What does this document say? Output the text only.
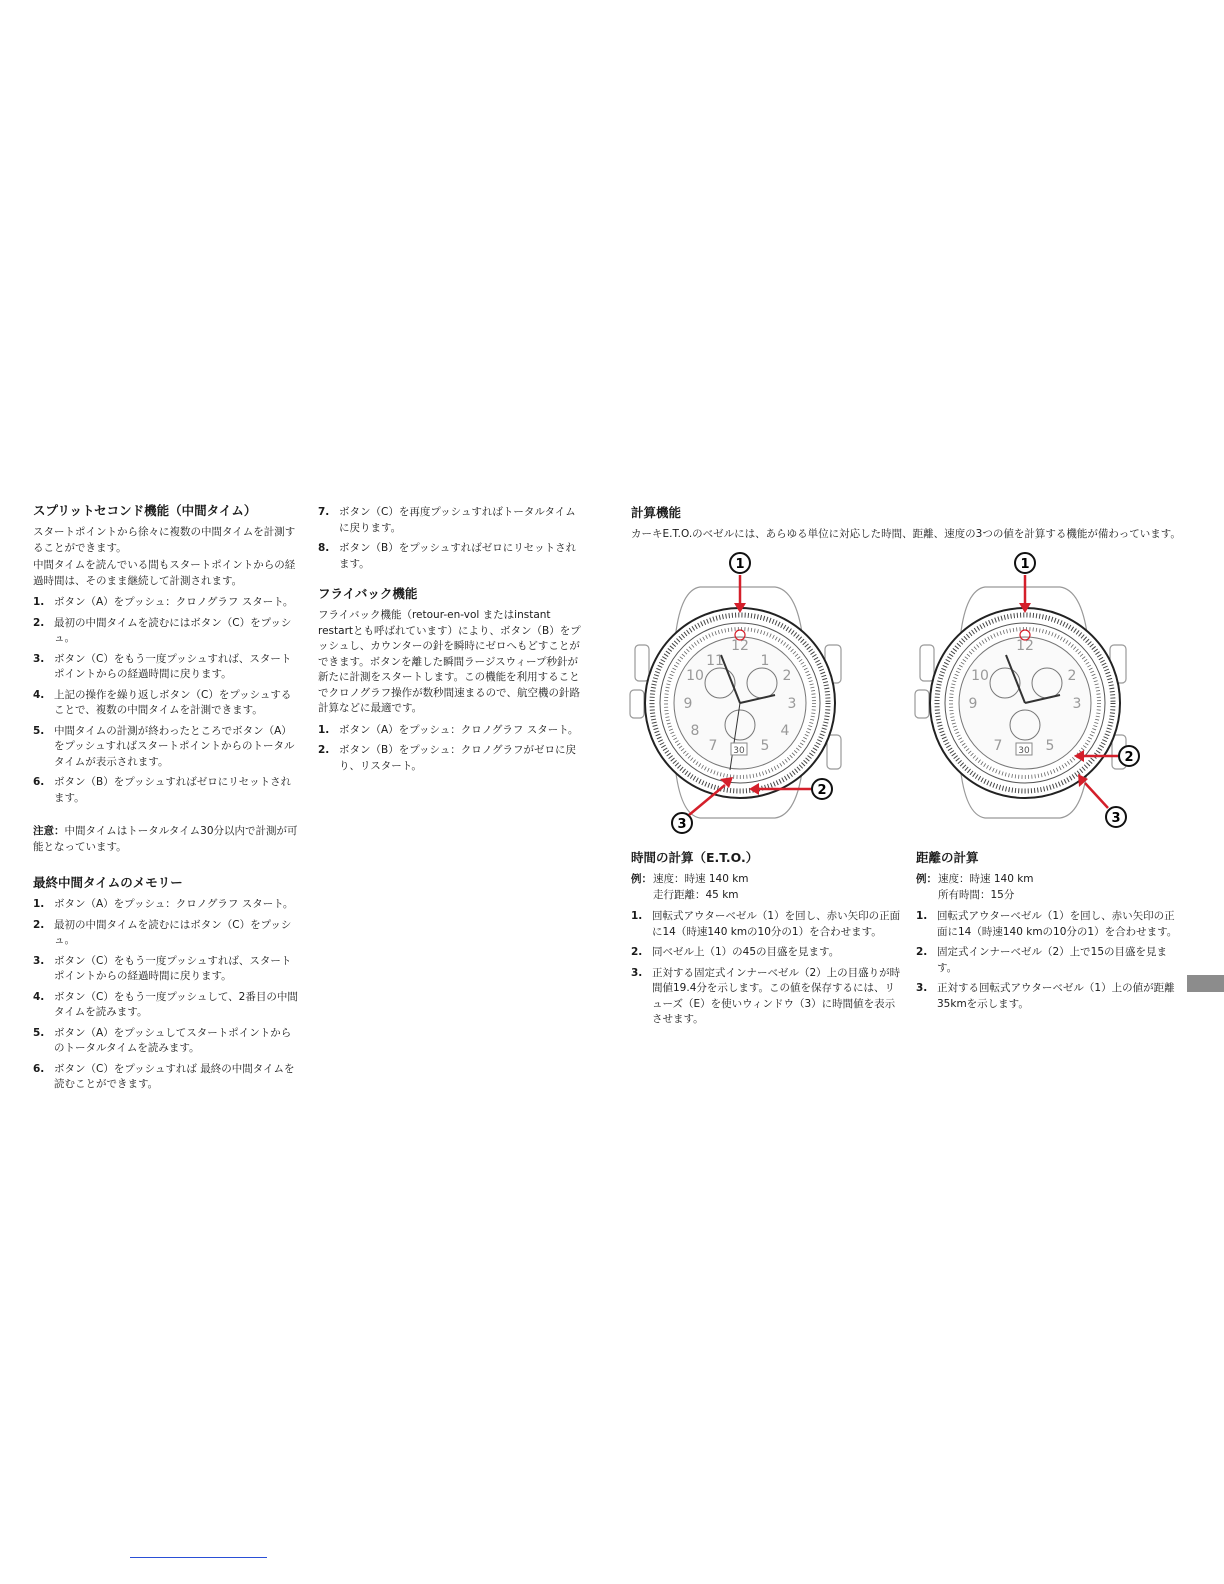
スプリットセコンド機能（中間タイム）

スタートポイントから徐々に複数の中間タイムを計測することができます。

中間タイムを読んでいる間もスタートポイントからの経過時間は、そのまま継続して計測されます。

1. ボタン（A）をプッシュ：クロノグラフ スタート。
2. 最初の中間タイムを読むにはボタン（C）をプッシュ。
3. ボタン（C）をもう一度プッシュすれば、スタートポイントからの経過時間に戻ります。
4. 上記の操作を繰り返しボタン（C）をプッシュすることで、複数の中間タイムを計測できます。
5. 中間タイムの計測が終わったところでボタン（A）をプッシュすればスタートポイントからのトータルタイムが表示されます。
6. ボタン（B）をプッシュすればゼロにリセットされます。

注意：中間タイムはトータルタイム30分以内で計測が可能となっています。

最終中間タイムのメモリー
1. ボタン（A）をプッシュ：クロノグラフ スタート。
2. 最初の中間タイムを読むにはボタン（C）をプッシュ。
3. ボタン（C）をもう一度プッシュすれば、スタートポイントからの経過時間に戻ります。
4. ボタン（C）をもう一度プッシュして、2番目の中間タイムを読みます。
5. ボタン（A）をプッシュしてスタートポイントからのトータルタイムを読みます。
6. ボタン（C）をプッシュすれば 最終の中間タイムを読むことができます。
7. ボタン（C）を再度プッシュすればトータルタイムに戻ります。
8. ボタン（B）をプッシュすればゼロにリセットされます。
フライバック機能

フライバック機能（retour-en-vol またはinstant restartとも呼ばれています）により、ボタン（B）をプッシュし、カウンターの針を瞬時にゼロへもどすことができます。ボタンを離した瞬間ラージスウィープ秒針が新たに計測をスタートします。この機能を利用することでクロノグラフ操作が数秒間速まるので、航空機の針路計算などに最適です。

1. ボタン（A）をプッシュ：クロノグラフ スタート。
2. ボタン（B）をプッシュ：クロノグラフがゼロに戻り、リスタート。
計算機能

カーキE.T.O.のベゼルには、あらゆる単位に対応した時間、距離、速度の3つの値を計算する機能が備わっています。

12
10	2
9	3
7	5
8	4
11	1
30
1
2
3
12
10	2
9	3
7	5
30
1
2
3
時間の計算（E.T.O.）
例： 速度：時速 140 km
走行距離：45 km
1. 回転式アウターベゼル（1）を回し、赤い矢印の正面に14（時速140 kmの10分の1）を合わせます。
2. 同ベゼル上（1）の45の目盛を見ます。
3. 正対する固定式インナーベゼル（2）上の目盛りが時間値19.4分を示します。この値を保存するには、リューズ（E）を使いウィンドウ（3）に時間値を表示させます。
距離の計算
例： 速度：時速 140 km
所有時間：15分
1. 回転式アウターベゼル（1）を回し、赤い矢印の正面に14（時速140 kmの10分の1）を合わせます。
2. 固定式インナーベゼル（2）上で15の目盛を見ます。
3. 正対する回転式アウターベゼル（1）上の値が距離35kmを示します。
